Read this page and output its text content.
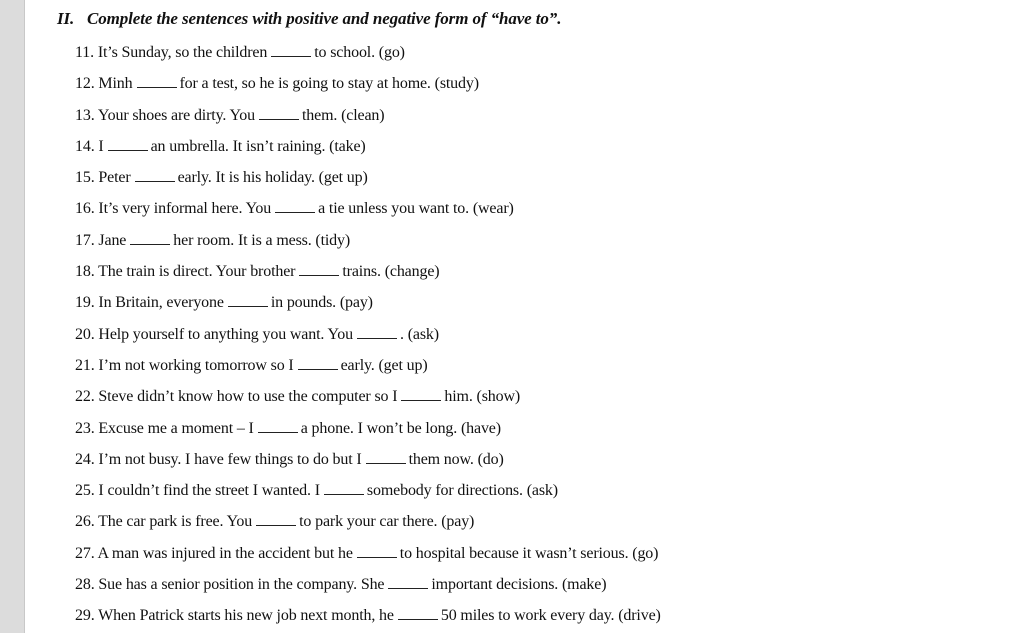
II. Complete the sentences with positive and negative form of “have to”.
11. It’s Sunday, so the children	to school. (go)
12. Minh	for a test, so he is going to stay at home. (study)
13. Your shoes are dirty. You	them. (clean)
14. I	an umbrella. It isn’t raining. (take)
15. Peter	early. It is his holiday. (get up)
16. It’s very informal here. You	a tie unless you want to. (wear)
17. Jane	her room. It is a mess. (tidy)
18. The train is direct. Your brother	trains. (change)
19. In Britain, everyone	in pounds. (pay)
20. Help yourself to anything you want. You	. (ask)
21. I’m not working tomorrow so I	early. (get up)
22. Steve didn’t know how to use the computer so I	him. (show)
23. Excuse me a moment – I	a phone. I won’t be long. (have)
24. I’m not busy. I have few things to do but I	them now. (do)
25. I couldn’t find the street I wanted. I	somebody for directions. (ask)
26. The car park is free. You	to park your car there. (pay)
27. A man was injured in the accident but he	to hospital because it wasn’t serious. (go)
28. Sue has a senior position in the company. She	important decisions. (make)
29. When Patrick starts his new job next month, he	50 miles to work every day. (drive)
